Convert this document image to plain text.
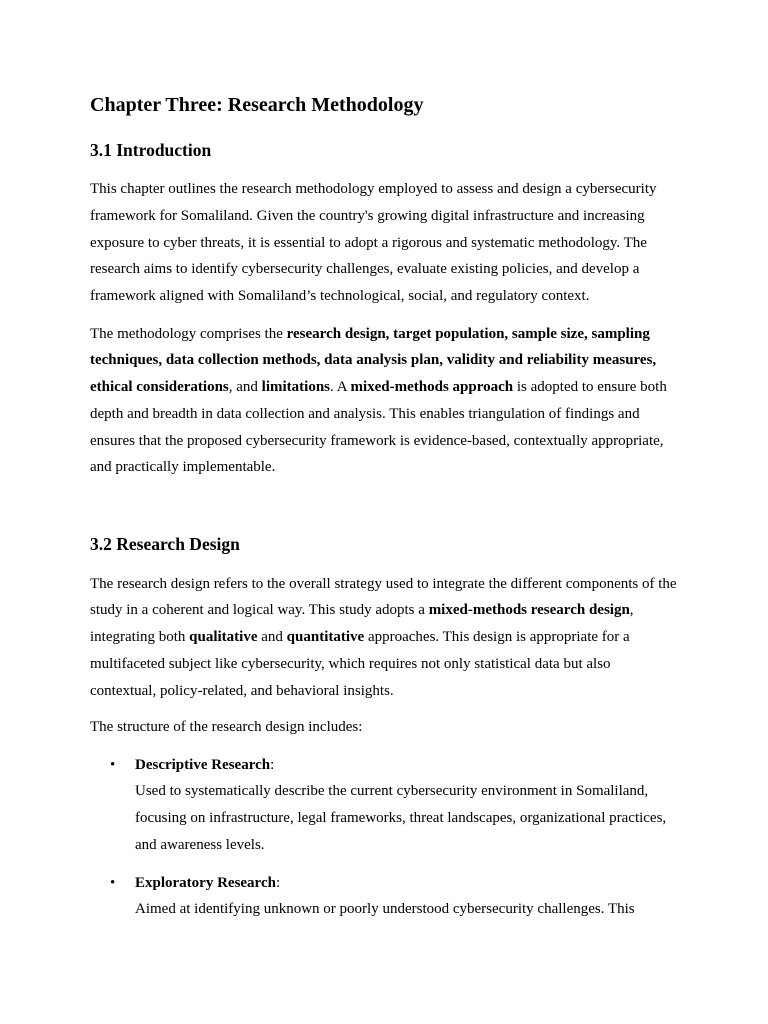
Chapter Three: Research Methodology
3.1 Introduction

This chapter outlines the research methodology employed to assess and design a cybersecurity framework for Somaliland. Given the country's growing digital infrastructure and increasing exposure to cyber threats, it is essential to adopt a rigorous and systematic methodology. The research aims to identify cybersecurity challenges, evaluate existing policies, and develop a framework aligned with Somaliland’s technological, social, and regulatory context.

The methodology comprises the research design, target population, sample size, sampling techniques, data collection methods, data analysis plan, validity and reliability measures, ethical considerations, and limitations. A mixed-methods approach is adopted to ensure both depth and breadth in data collection and analysis. This enables triangulation of findings and ensures that the proposed cybersecurity framework is evidence-based, contextually appropriate, and practically implementable.

3.2 Research Design

The research design refers to the overall strategy used to integrate the different components of the study in a coherent and logical way. This study adopts a mixed-methods research design, integrating both qualitative and quantitative approaches. This design is appropriate for a multifaceted subject like cybersecurity, which requires not only statistical data but also contextual, policy-related, and behavioral insights.

The structure of the research design includes:

• Descriptive Research:
Used to systematically describe the current cybersecurity environment in Somaliland, focusing on infrastructure, legal frameworks, threat landscapes, organizational practices, and awareness levels.
• Exploratory Research:
Aimed at identifying unknown or poorly understood cybersecurity challenges. This
